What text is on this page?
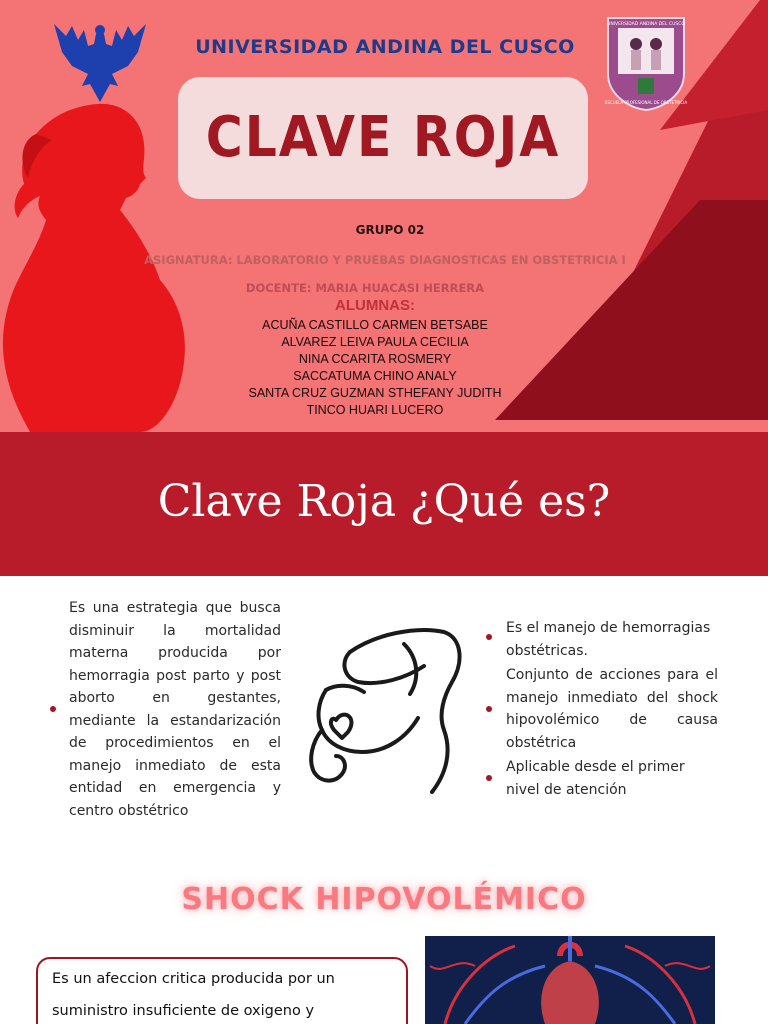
UNIVERSIDAD ANDINA DEL CUSCO
UNIVERSIDAD ANDINA DEL CUSCO
ESCUELA PROFESIONAL DE OBSTETRICIA
CLAVE ROJA
GRUPO 02
ASIGNATURA: LABORATORIO Y PRUEBAS DIAGNOSTICAS EN OBSTETRICIA I
DOCENTE: MARIA HUACASI HERRERA
ALUMNAS:
ACUÑA CASTILLO CARMEN BETSABE
ALVAREZ LEIVA PAULA CECILIA
NINA CCARITA ROSMERY
SACCATUMA CHINO ANALY
SANTA CRUZ GUZMAN STHEFANY JUDITH
TINCO HUARI LUCERO
Clave Roja ¿Qué es?

Es una estrategia que busca disminuir la mortalidad materna producida por hemorragia post parto y post aborto en gestantes, mediante la estandarización de procedimientos en el manejo inmediato de esta entidad en emergencia y centro obstétrico

Es el manejo de hemorragias obstétricas.

Conjunto de acciones para el manejo inmediato del shock hipovolémico de causa obstétrica

Aplicable desde el primer nivel de atención

SHOCK HIPOVOLÉMICO

Es un afeccion critica producida por un suministro insuficiente de oxigeno y
